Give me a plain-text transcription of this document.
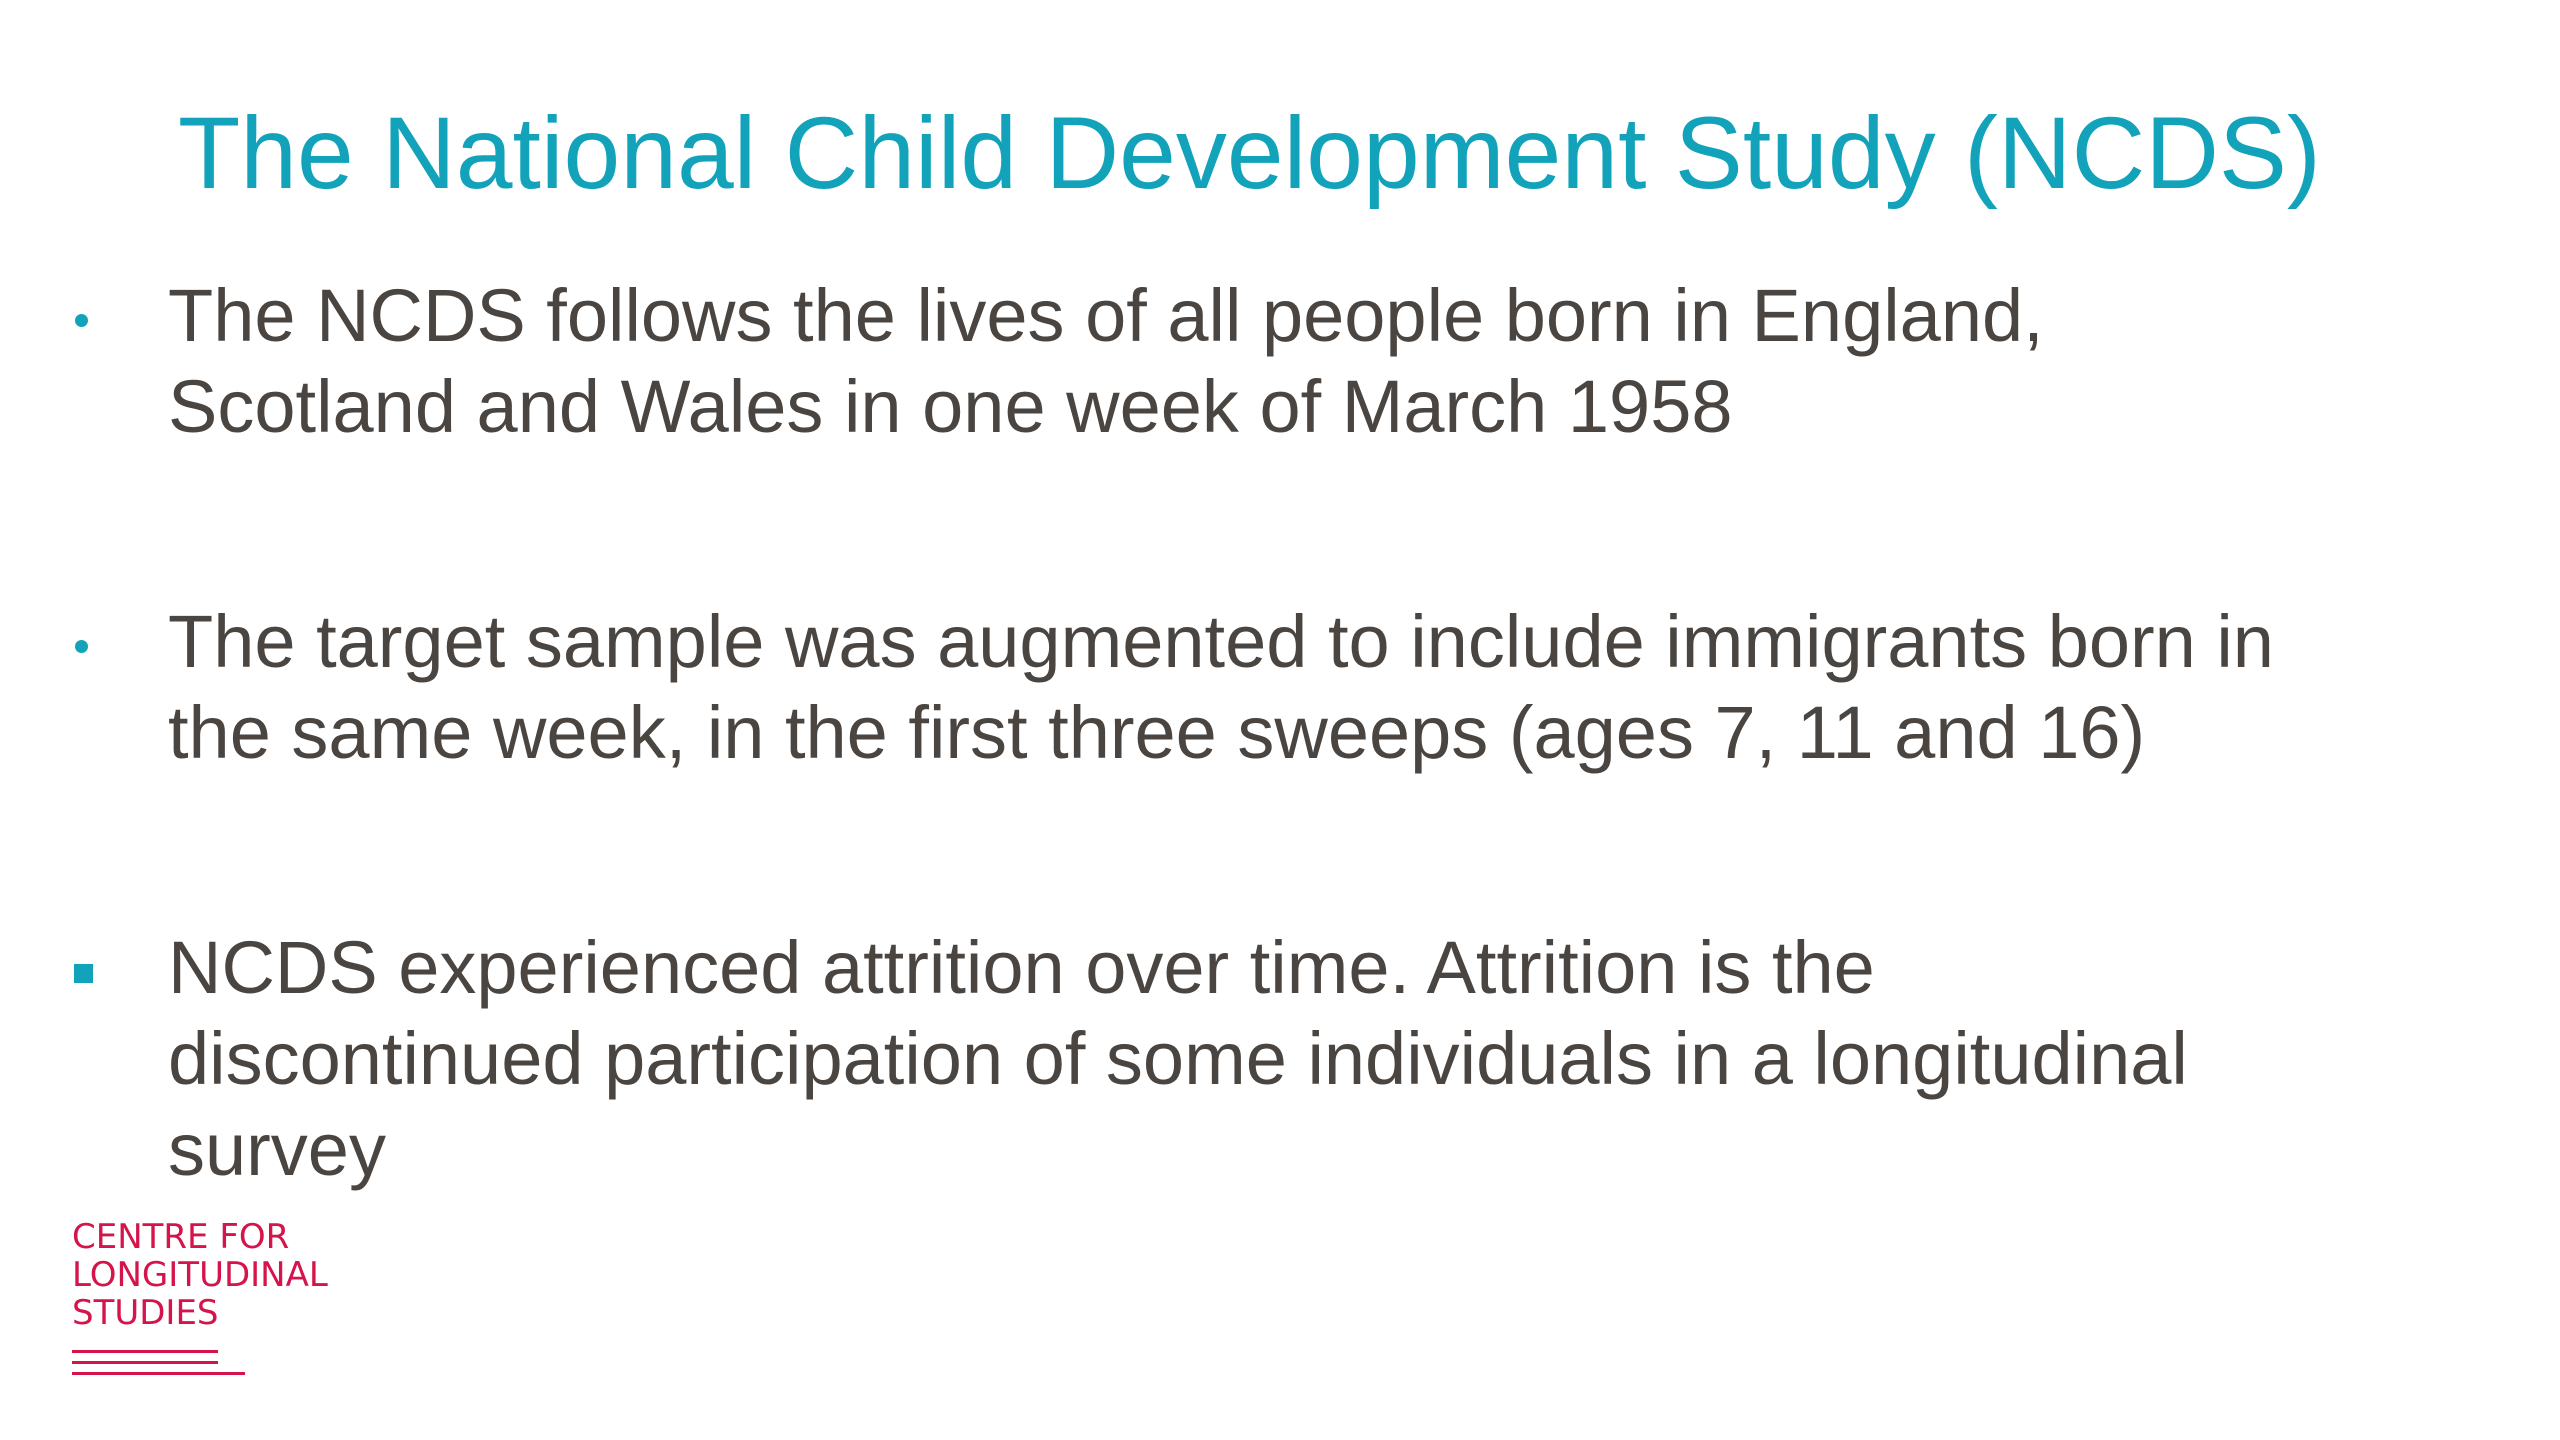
The National Child Development Study (NCDS)
The NCDS follows the lives of all people born in England, Scotland and Wales in one week of March 1958
The target sample was augmented to include immigrants born in the same week, in the first three sweeps (ages 7, 11 and 16)
NCDS experienced attrition over time. Attrition is the discontinued participation of some individuals in a longitudinal survey
CENTRE FOR
LONGITUDINAL
STUDIES
